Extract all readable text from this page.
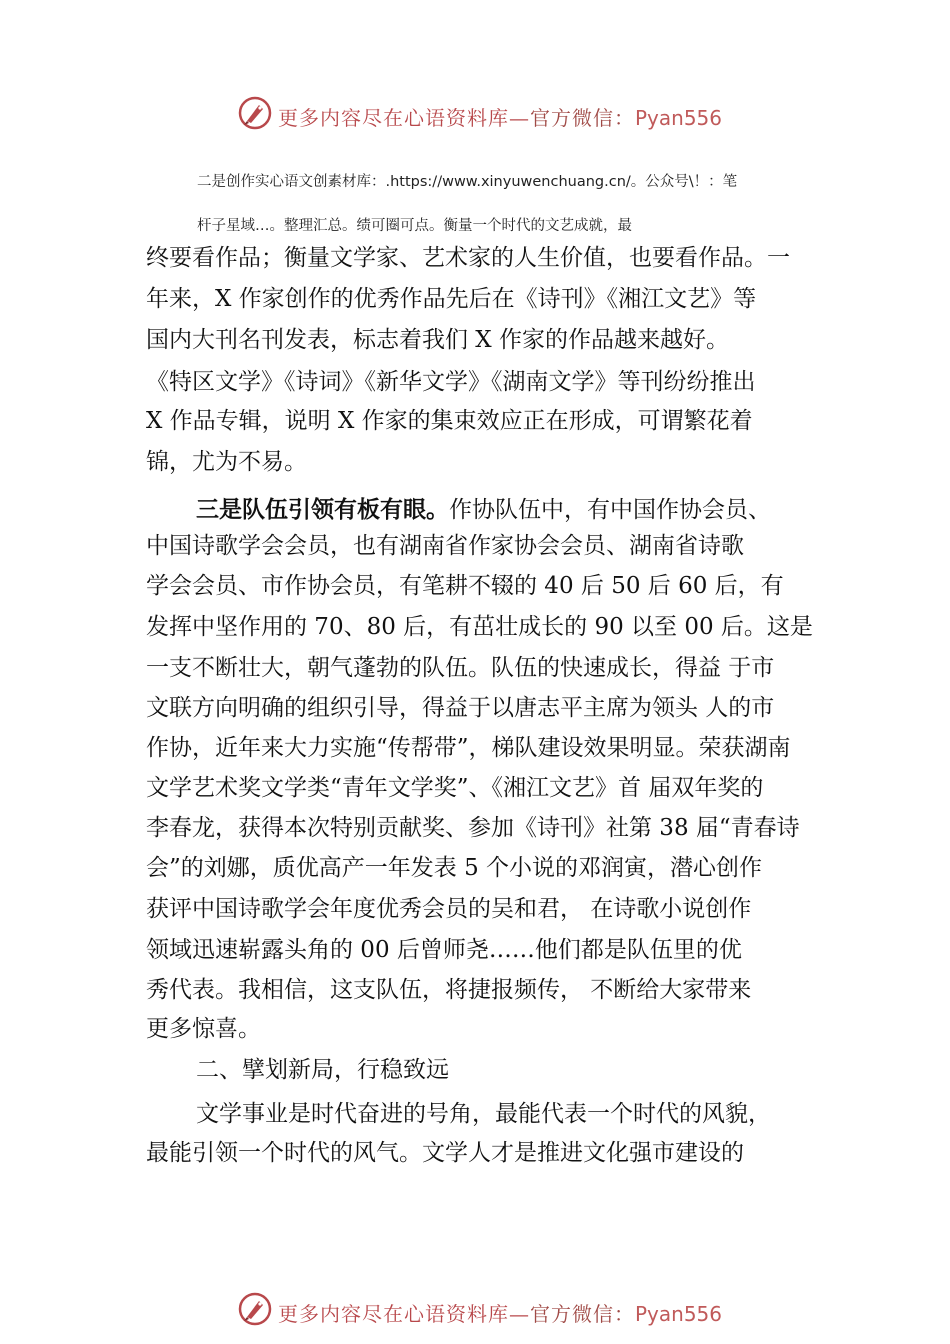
更多内容尽在心语资料库—官方微信：Pyan556
二是创作实心语文创素材库：.https://www.xinyuwenchuang.cn/。公众号\！：笔
杆子星域…。整理汇总。绩可圈可点。衡量一个时代的文艺成就，最
终要看作品；衡量文学家、艺术家的人生价值，也要看作品。一
年来，X 作家创作的优秀作品先后在《诗刊》《湘江文艺》等
国内大刊名刊发表，标志着我们 X 作家的作品越来越好。
《特区文学》《诗词》《新华文学》《湖南文学》等刊纷纷推出
X 作品专辑，说明 X 作家的集束效应正在形成，可谓繁花着
锦，尤为不易。
三是队伍引领有板有眼。作协队伍中，有中国作协会员、
中国诗歌学会会员，也有湖南省作家协会会员、湖南省诗歌
学会会员、市作协会员，有笔耕不辍的 40 后 50 后 60 后，有
发挥中坚作用的 70、80 后，有茁壮成长的 90 以至 00 后。这是
一支不断壮大，朝气蓬勃的队伍。队伍的快速成长，得益 于市
文联方向明确的组织引导，得益于以唐志平主席为领头 人的市
作协，近年来大力实施“传帮带”，梯队建设效果明显。荣获湖南
文学艺术奖文学类“青年文学奖”、《湘江文艺》首 届双年奖的
李春龙，获得本次特别贡献奖、参加《诗刊》社第 38 届“青春诗
会”的刘娜，质优高产一年发表 5 个小说的邓润寅，潜心创作
获评中国诗歌学会年度优秀会员的吴和君， 在诗歌小说创作
领域迅速崭露头角的 00 后曾师尧……他们都是队伍里的优
秀代表。我相信，这支队伍，将捷报频传， 不断给大家带来
更多惊喜。
二、擘划新局，行稳致远
文学事业是时代奋进的号角，最能代表一个时代的风貌，
最能引领一个时代的风气。文学人才是推进文化强市建设的
更多内容尽在心语资料库—官方微信：Pyan556
